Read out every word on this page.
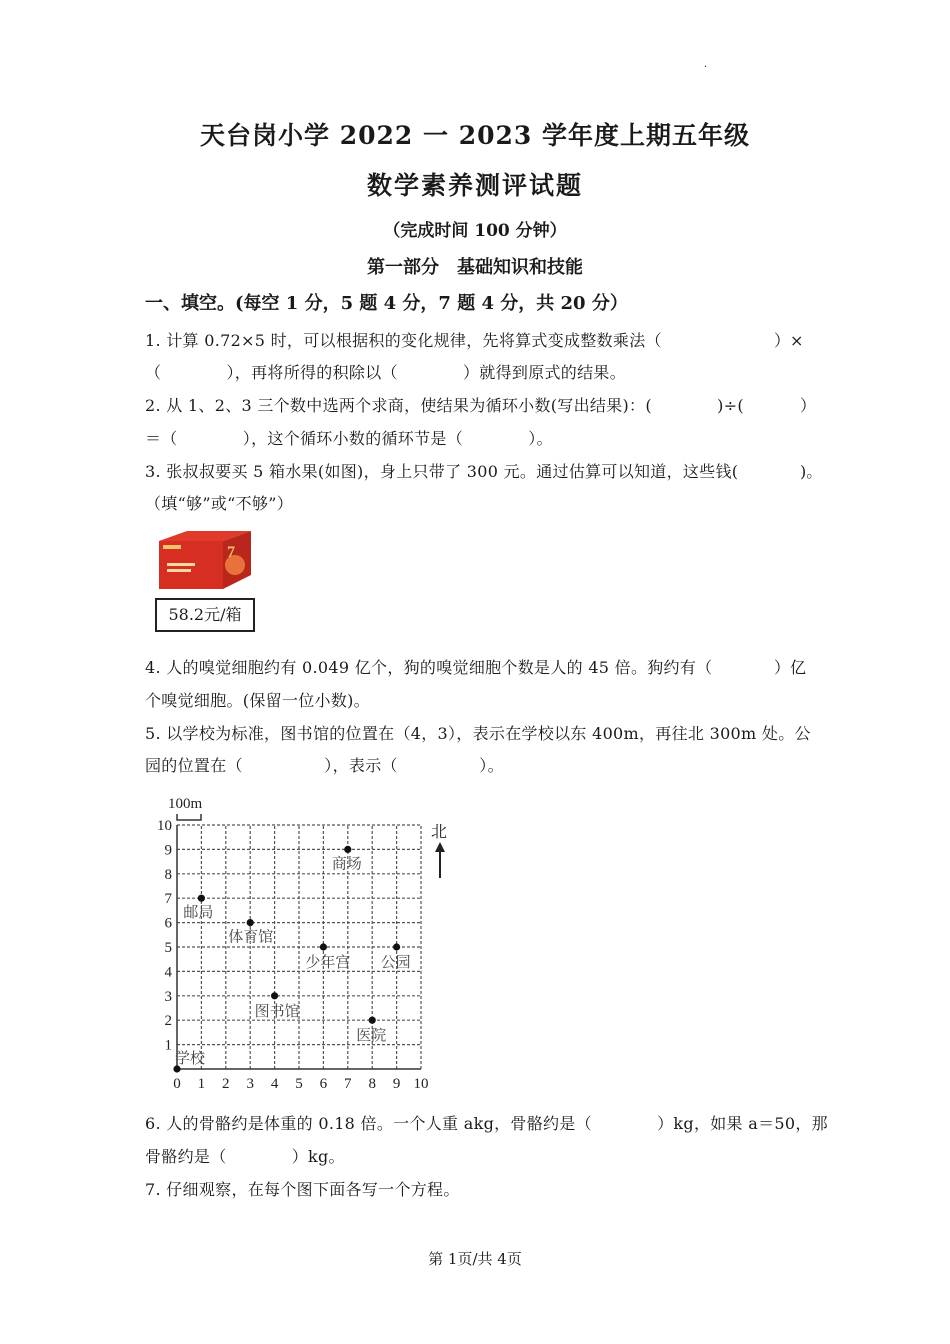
·
天台岗小学 2022 一 2023 学年度上期五年级
数学素养测评试题
（完成时间 100 分钟）
第一部分　基础知识和技能
一、填空。(每空 1 分，5 题 4 分，7 题 4 分，共 20 分）
1. 计算 0.72×5 时，可以根据积的变化规律，先将算式变成整数乘法（	）×
（　　　　），再将所得的积除以（　　　　）就得到原式的结果。
2. 从 1、2、3 三个数中选两个求商，使结果为循环小数(写出结果)：(　　　　)÷(	）
＝（　　　　），这个循环小数的循环节是（　　　　）。
3. 张叔叔要买 5 箱水果(如图)，身上只带了 300 元。通过估算可以知道，这些钱(	)。
（填“够”或“不够”）
7
58.2元/箱
4. 人的嗅觉细胞约有 0.049 亿个，狗的嗅觉细胞个数是人的 45 倍。狗约有（	）亿
个嗅觉细胞。(保留一位小数)。
5. 以学校为标准，图书馆的位置在（4，3），表示在学校以东 400m，再往北 300m 处。公
园的位置在（　　　　　），表示（　　　　　）。
0 1 2 3 4 5 6 7 8 9 10
1
2
3
4
5
6
7
8
9
10
学校
邮局
体育馆
商场
少年宫 公园
图书馆
医院
100m
北
6. 人的骨骼约是体重的 0.18 倍。一个人重 akg，骨骼约是（　　　　）kg，如果 a＝50，那
骨骼约是（　　　　）kg。
7. 仔细观察，在每个图下面各写一个方程。
第 1页/共 4页
